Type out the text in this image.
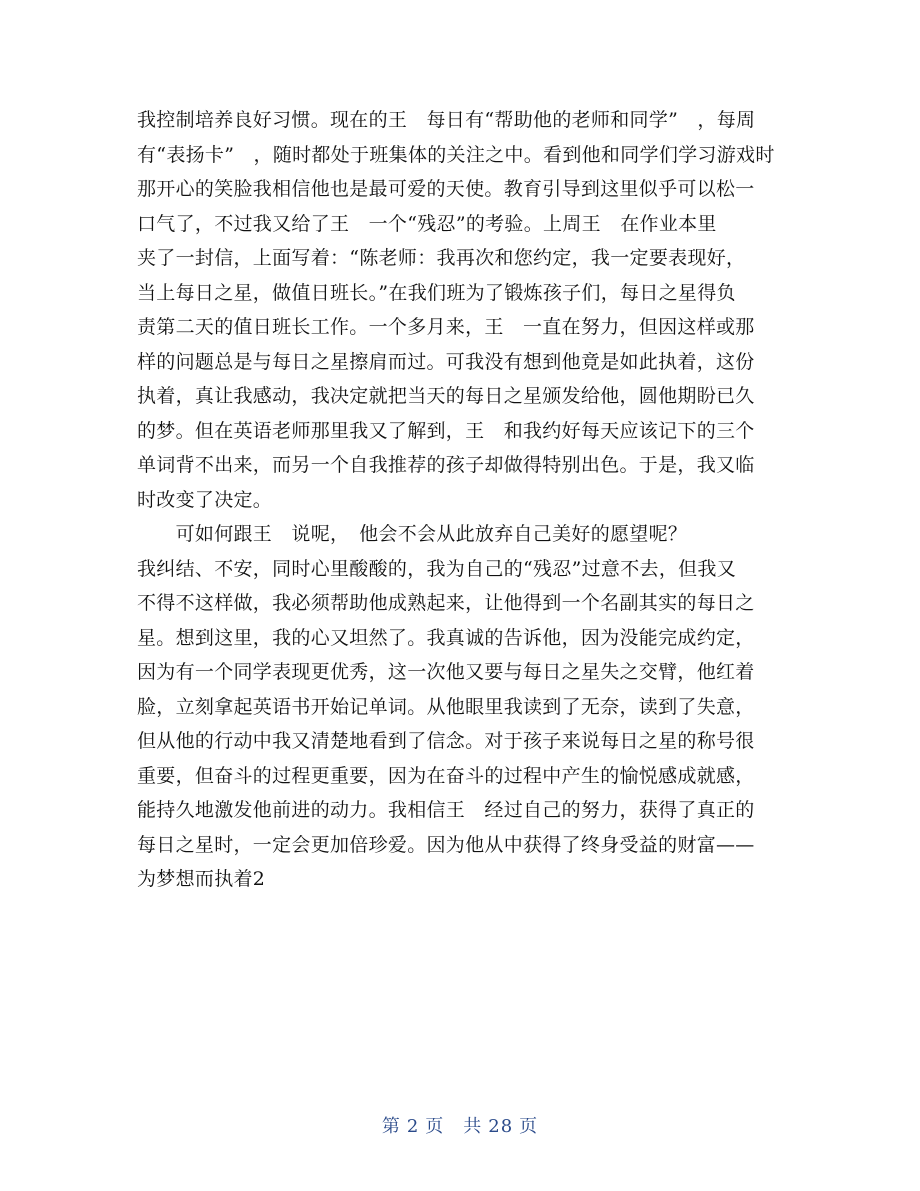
我控制培养良好习惯。现在的王　每日有“帮助他的老师和同学”　，每周
有“表扬卡”　，随时都处于班集体的关注之中。看到他和同学们学习游戏时
那开心的笑脸我相信他也是最可爱的天使。教育引导到这里似乎可以松一
口气了，不过我又给了王　一个“残忍”的考验。上周王　在作业本里
夹了一封信，上面写着：“陈老师：我再次和您约定，我一定要表现好，
当上每日之星，做值日班长。”在我们班为了锻炼孩子们，每日之星得负
责第二天的值日班长工作。一个多月来，王　一直在努力，但因这样或那
样的问题总是与每日之星擦肩而过。可我没有想到他竟是如此执着，这份
执着，真让我感动，我决定就把当天的每日之星颁发给他，圆他期盼已久
的梦。但在英语老师那里我又了解到，王　和我约好每天应该记下的三个
单词背不出来，而另一个自我推荐的孩子却做得特别出色。于是，我又临
时改变了决定。
　　可如何跟王　说呢，　他会不会从此放弃自己美好的愿望呢？
我纠结、不安，同时心里酸酸的，我为自己的“残忍”过意不去，但我又
不得不这样做，我必须帮助他成熟起来，让他得到一个名副其实的每日之
星。想到这里，我的心又坦然了。我真诚的告诉他，因为没能完成约定，
因为有一个同学表现更优秀，这一次他又要与每日之星失之交臂，他红着
脸，立刻拿起英语书开始记单词。从他眼里我读到了无奈，读到了失意，
但从他的行动中我又清楚地看到了信念。对于孩子来说每日之星的称号很
重要，但奋斗的过程更重要，因为在奋斗的过程中产生的愉悦感成就感，
能持久地激发他前进的动力。我相信王　经过自己的努力，获得了真正的
每日之星时，一定会更加倍珍爱。因为他从中获得了终身受益的财富——
为梦想而执着2
第 2 页　共 28 页
